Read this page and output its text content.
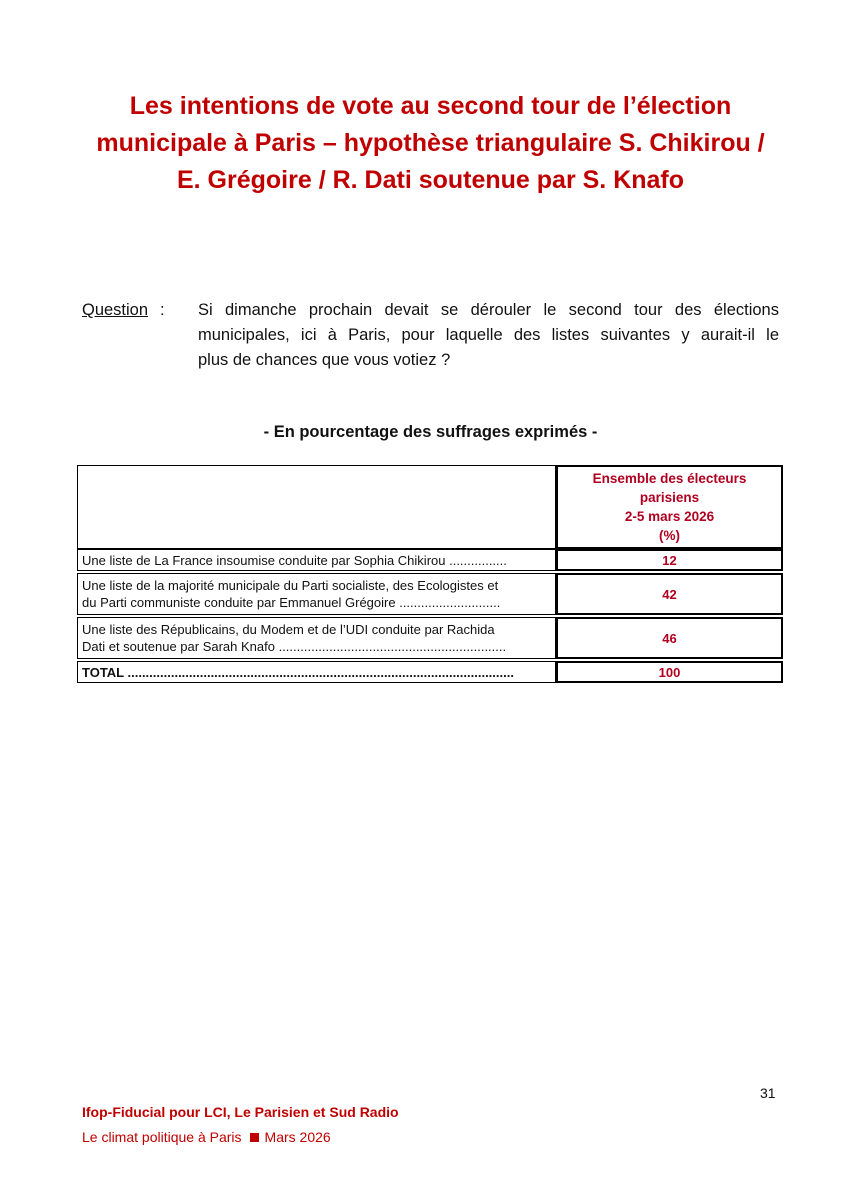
Les intentions de vote au second tour de l’élection
municipale à Paris – hypothèse triangulaire S. Chikirou /
E. Grégoire / R. Dati soutenue par S. Knafo
Question : Si dimanche prochain devait se dérouler le second tour des élections
municipales, ici à Paris, pour laquelle des listes suivantes y aurait-il le
plus de chances que vous votiez ?
- En pourcentage des suffrages exprimés -
Ensemble des électeurs
parisiens
2-5 mars 2026
(%)
Une liste de La France insoumise conduite par Sophia Chikirou ................	12
Une liste de la majorité municipale du Parti socialiste, des Ecologistes et
du Parti communiste conduite par Emmanuel Grégoire ............................
42
Une liste des Républicains, du Modem et de l’UDI conduite par Rachida
Dati et soutenue par Sarah Knafo ...............................................................
46
TOTAL ...........................................................................................................	100
31
Ifop-Fiducial pour LCI, Le Parisien et Sud Radio
Le climat politique à Paris Mars 2026
